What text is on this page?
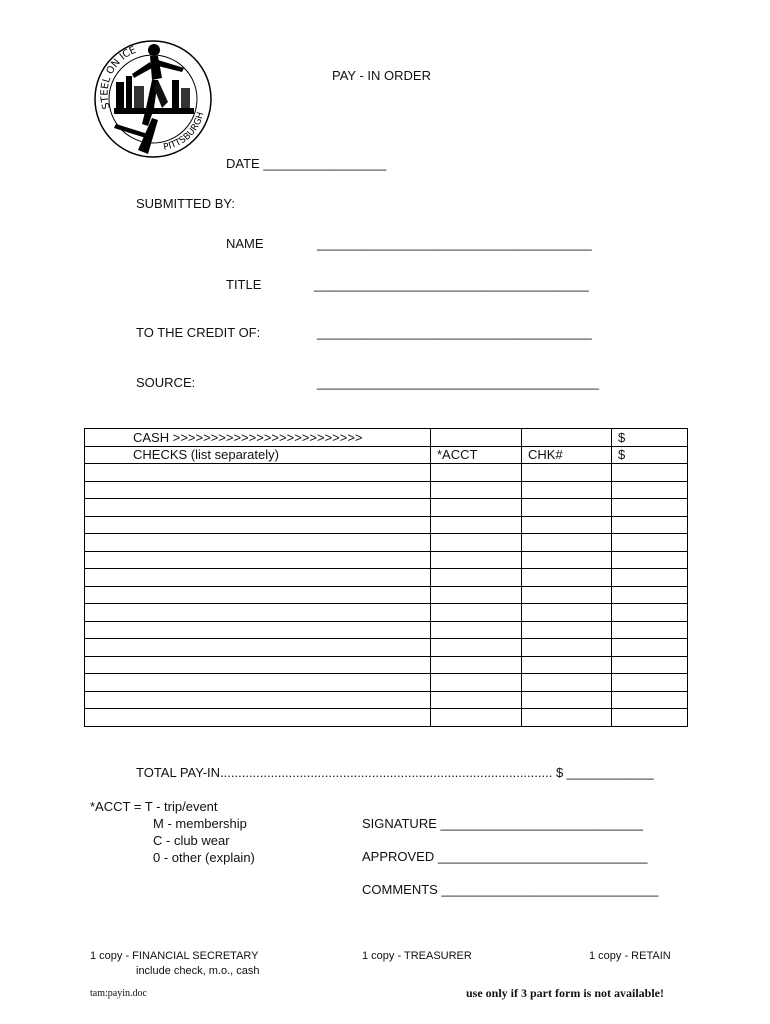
STEEL ON ICE
PITTSBURGH
PAY - IN ORDER
DATE _________________
SUBMITTED BY:
NAME	______________________________________
TITLE	______________________________________
TO THE CREDIT OF:	______________________________________
SOURCE:	_______________________________________
CASH >>>>>>>>>>>>>>>>>>>>>>>>>			$
CHECKS (list separately)	*ACCT	CHK#	$

TOTAL PAY-IN............................................................................................ $ ____________
*ACCT = T - trip/event
M - membership
C - club wear
0 - other (explain)
SIGNATURE ____________________________
APPROVED _____________________________
COMMENTS ______________________________
1 copy - FINANCIAL SECRETARY
include check, m.o., cash
1 copy - TREASURER	1 copy - RETAIN
tam:payin.doc	use only if 3 part form is not available!
